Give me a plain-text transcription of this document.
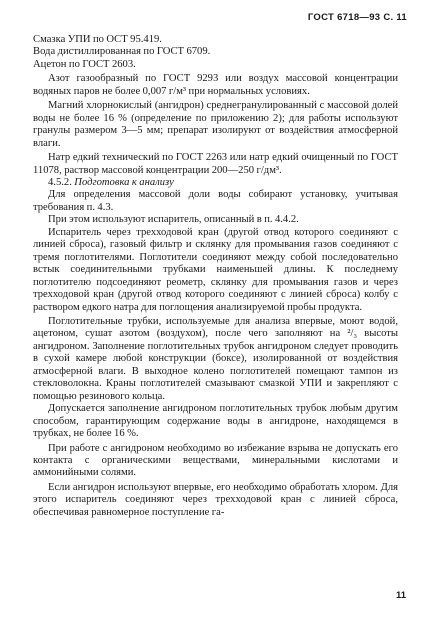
ГОСТ 6718—93 С. 11

Смазка УПИ по ОСТ 95.419.

Вода дистиллированная по ГОСТ 6709.

Ацетон по ГОСТ 2603.

Азот газообразный по ГОСТ 9293 или воздух массовой концентрации водяных паров не более 0,007 г/м³ при нормальных условиях.

Магний хлорнокислый (ангидрон) среднегранулированный с массовой долей воды не более 16 % (определение по приложению 2); для работы используют гранулы размером 3—5 мм; препарат изолируют от воздействия атмосферной влаги.

Натр едкий технический по ГОСТ 2263 или натр едкий очищенный по ГОСТ 11078, раствор массовой концентрации 200—250 г/дм³.

4.5.2. Подготовка к анализу

Для определения массовой доли воды собирают установку, учитывая требования п. 4.3.

При этом используют испаритель, описанный в п. 4.4.2.

Испаритель через трехходовой кран (другой отвод которого соединяют с линией сброса), газовый фильтр и склянку для промывания газов соединяют с тремя поглотителями. Поглотители соединяют между собой последовательно встык соединительными трубками наименьшей длины. К последнему поглотителю подсоединяют реометр, склянку для промывания газов и через трехходовой кран (другой отвод которого соединяют с линией сброса) колбу с раствором едкого натра для поглощения анализируемой пробы продукта.

Поглотительные трубки, используемые для анализа впервые, моют водой, ацетоном, сушат азотом (воздухом), после чего заполняют на ²/₃ высоты ангидроном. Заполнение поглотительных трубок ангидроном следует проводить в сухой камере любой конструкции (боксе), изолированной от воздействия атмосферной влаги. В выходное колено поглотителей помещают тампон из стекловолокна. Краны поглотителей смазывают смазкой УПИ и закрепляют с помощью резинового кольца.

Допускается заполнение ангидроном поглотительных трубок любым другим способом, гарантирующим содержание воды в ангидроне, находящемся в трубках, не более 16 %.

При работе с ангидроном необходимо во избежание взрыва не допускать его контакта с органическими веществами, минеральными кислотами и аммонийными солями.

Если ангидрон используют впервые, его необходимо обработать хлором. Для этого испаритель соединяют через трехходовой кран с линией сброса, обеспечивая равномерное поступление га-

11
